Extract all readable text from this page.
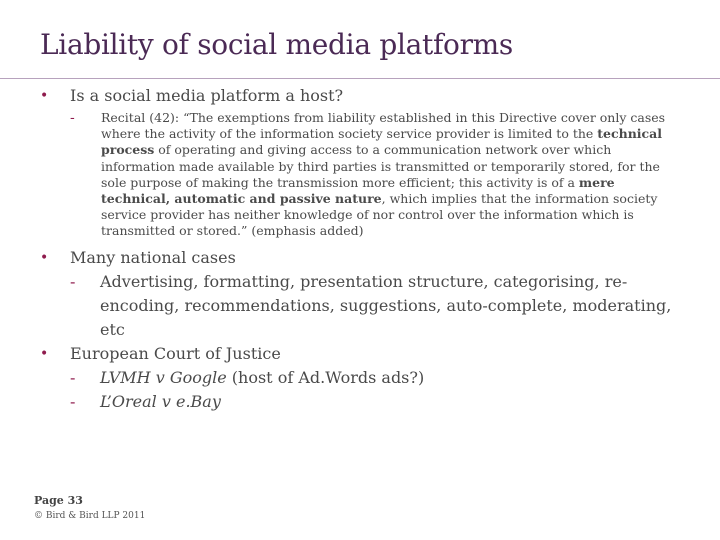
Liability of social media platforms
• Is a social media platform a host?
- Recital (42): “The exemptions from liability established in this Directive cover only cases where the activity of the information society service provider is limited to the technical process of operating and giving access to a communication network over which information made available by third parties is transmitted or temporarily stored, for the sole purpose of making the transmission more efficient; this activity is of a mere technical, automatic and passive nature, which implies that the information society service provider has neither knowledge of nor control over the information which is transmitted or stored.” (emphasis added)
• Many national cases
- Advertising, formatting, presentation structure, categorising, re-encoding, recommendations, suggestions, auto-complete, moderating, etc
• European Court of Justice
- LVMH v Google (host of Ad.Words ads?)
- L’Oreal v e.Bay
Page 33
© Bird & Bird LLP 2011
